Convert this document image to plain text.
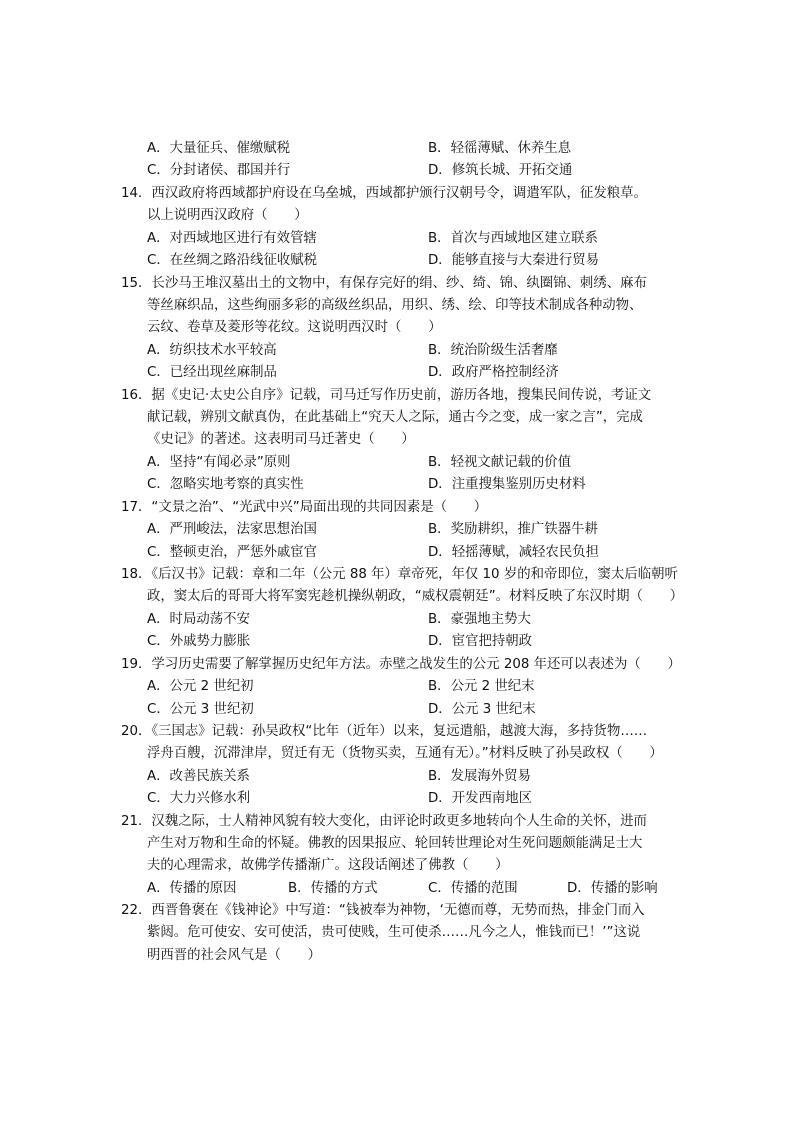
A．大量征兵、催缴赋税	B．轻徭薄赋、休养生息
C．分封诸侯、郡国并行	D．修筑长城、开拓交通
14．西汉政府将西域都护府设在乌垒城，西域都护颁行汉朝号令，调遣军队，征发粮草。
以上说明西汉政府（　　）
A．对西域地区进行有效管辖	B．首次与西域地区建立联系
C．在丝绸之路沿线征收赋税	D．能够直接与大秦进行贸易
15．长沙马王堆汉墓出土的文物中，有保存完好的绢、纱、绮、锦、纨圈锦、刺绣、麻布
等丝麻织品，这些绚丽多彩的高级丝织品，用织、绣、绘、印等技术制成各种动物、
云纹、卷草及菱形等花纹。这说明西汉时（　　）
A．纺织技术水平较高	B．统治阶级生活奢靡
C．已经出现丝麻制品	D．政府严格控制经济
16．据《史记·太史公自序》记载，司马迁写作历史前，游历各地，搜集民间传说，考证文
献记载，辨别文献真伪，在此基础上“究天人之际，通古今之变，成一家之言”，完成
《史记》的著述。这表明司马迁著史（　　）
A．坚持“有闻必录”原则	B．轻视文献记载的价值
C．忽略实地考察的真实性	D．注重搜集鉴别历史材料
17．“文景之治”、“光武中兴”局面出现的共同因素是（　　）
A．严刑峻法，法家思想治国	B．奖励耕织，推广铁器牛耕
C．整顿吏治，严惩外戚宦官	D．轻摇薄赋，减轻农民负担
18．《后汉书》记载：章和二年（公元 88 年）章帝死，年仅 10 岁的和帝即位，窦太后临朝听
政，窦太后的哥哥大将军窦宪趁机操纵朝政，“威权震朝廷”。材料反映了东汉时期（　　）
A．时局动荡不安	B．豪强地主势大
C．外戚势力膨胀	D．宦官把持朝政
19．学习历史需要了解掌握历史纪年方法。赤壁之战发生的公元 208 年还可以表述为（　　）
A．公元 2 世纪初	B．公元 2 世纪末
C．公元 3 世纪初	D．公元 3 世纪末
20．《三国志》记载：孙吴政权“比年（近年）以来，复远遣船，越渡大海，多持货物……
浮舟百艘，沉滞津岸，贸迁有无（货物买卖，互通有无）。”材料反映了孙吴政权（　　）
A．改善民族关系	B．发展海外贸易
C．大力兴修水利	D．开发西南地区
21．汉魏之际，士人精神风貌有较大变化，由评论时政更多地转向个人生命的关怀，进而
产生对万物和生命的怀疑。佛教的因果报应、轮回转世理论对生死问题颇能满足士大
夫的心理需求，故佛学传播渐广。这段话阐述了佛教（　　）
A．传播的原因	B．传播的方式	C．传播的范围	D．传播的影响
22．西晋鲁褒在《钱神论》中写道：“钱被奉为神物，‘无德而尊，无势而热，排金门而入
紫闼。危可使安、安可使活，贵可使贱，生可使杀……凡今之人，惟钱而已！’”这说
明西晋的社会风气是（　　）
